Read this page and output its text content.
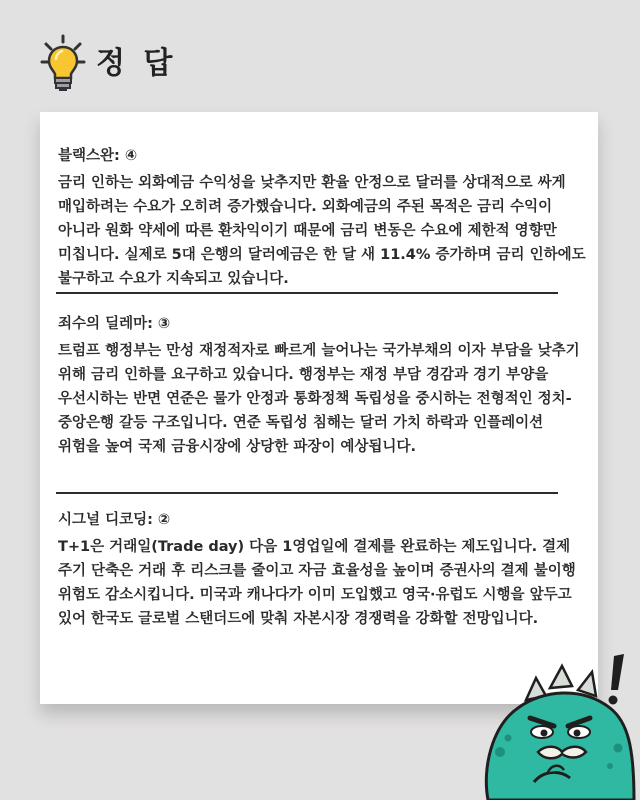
정 답
블랙스완: ④
금리 인하는 외화예금 수익성을 낮추지만 환율 안정으로 달러를 상대적으로 싸게 매입하려는 수요가 오히려 증가했습니다. 외화예금의 주된 목적은 금리 수익이 아니라 원화 약세에 따른 환차익이기 때문에 금리 변동은 수요에 제한적 영향만 미칩니다. 실제로 5대 은행의 달러예금은 한 달 새 11.4% 증가하며 금리 인하에도 불구하고 수요가 지속되고 있습니다.
죄수의 딜레마: ③
트럼프 행정부는 만성 재정적자로 빠르게 늘어나는 국가부채의 이자 부담을 낮추기 위해 금리 인하를 요구하고 있습니다. 행정부는 재정 부담 경감과 경기 부양을 우선시하는 반면 연준은 물가 안정과 통화정책 독립성을 중시하는 전형적인 정치-중앙은행 갈등 구조입니다. 연준 독립성 침해는 달러 가치 하락과 인플레이션 위험을 높여 국제 금융시장에 상당한 파장이 예상됩니다.
시그널 디코딩: ②
T+1은 거래일(Trade day) 다음 1영업일에 결제를 완료하는 제도입니다. 결제 주기 단축은 거래 후 리스크를 줄이고 자금 효율성을 높이며 증권사의 결제 불이행 위험도 감소시킵니다. 미국과 캐나다가 이미 도입했고 영국·유럽도 시행을 앞두고 있어 한국도 글로벌 스탠더드에 맞춰 자본시장 경쟁력을 강화할 전망입니다.
